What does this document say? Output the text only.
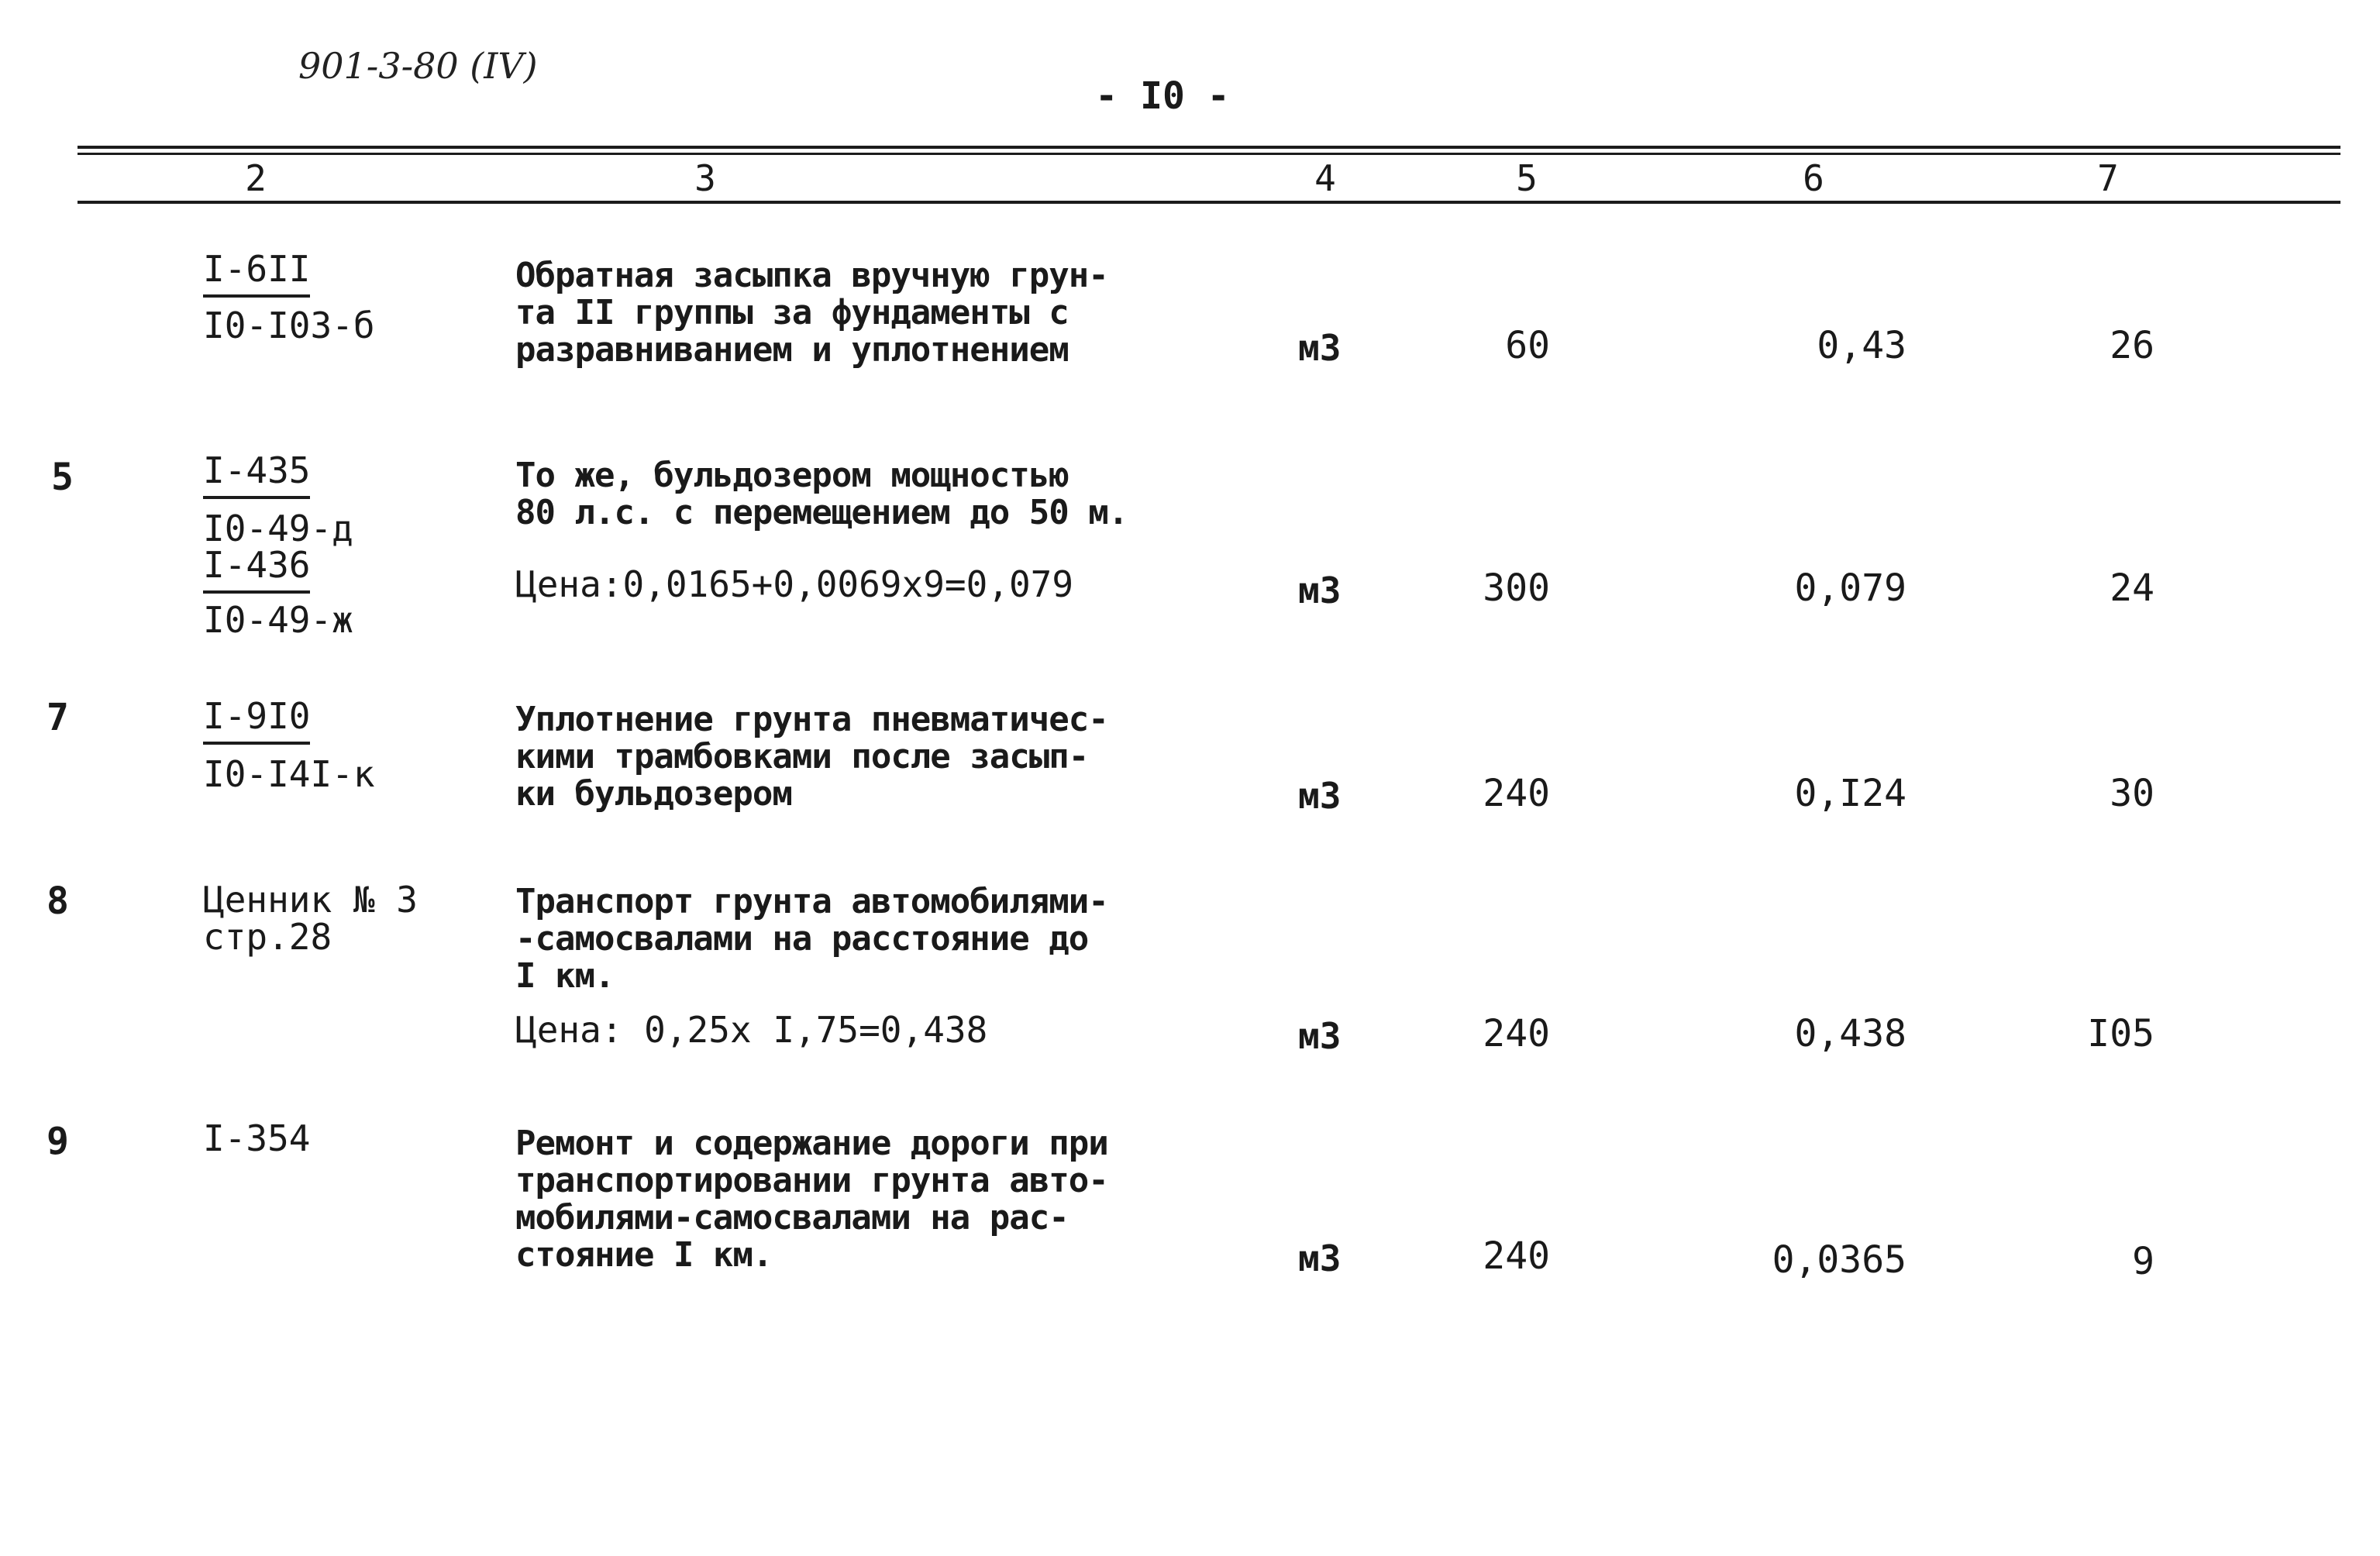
901-3-80 (IV)
- I0 -
2	3	4	5	6	7
I-6II
I0-I03-б
Обратная засыпка вручную грун-
та II группы за фундаменты с
разравниванием и уплотнением	м3	60	0,43	26
5	I-435
I0-49-д
I-436
I0-49-ж
То же, бульдозером мощностью
80 л.с. с перемещением до 50 м.
Цена:0,0165+0,0069х9=0,079	м3	300	0,079	24
7	I-9I0
I0-I4I-к
Уплотнение грунта пневматичес-
кими трамбовками после засып-
ки бульдозером	м3	240	0,I24	30
8	Ценник № 3
стр.28
Транспорт грунта автомобилями-
-самосвалами на расстояние до
I км.
Цена: 0,25х I,75=0,438	м3	240	0,438	I05
9	I-354	Ремонт и содержание дороги при
транспортировании грунта авто-
мобилями-самосвалами на рас-
стояние I км.	м3	240	0,0365	9
